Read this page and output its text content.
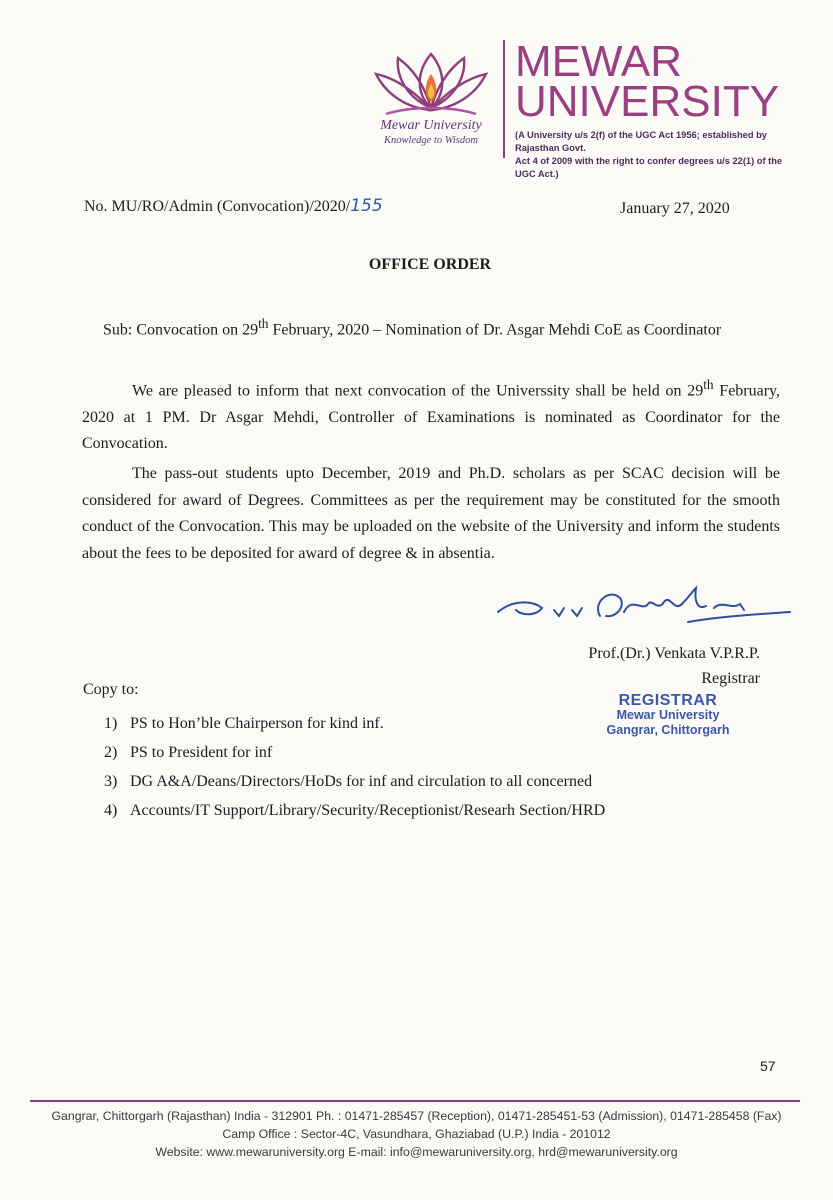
Mewar University
Knowledge to Wisdom
MEWAR
UNIVERSITY
(A University u/s 2(f) of the UGC Act 1956; established by Rajasthan Govt.
Act 4 of 2009 with the right to confer degrees u/s 22(1) of the UGC Act.)
No. MU/RO/Admin (Convocation)/2020/155	January 27, 2020
OFFICE ORDER
Sub: Convocation on 29th February, 2020 – Nomination of Dr. Asgar Mehdi CoE as Coordinator
We are pleased to inform that next convocation of the Universsity shall be held on 29th February, 2020 at 1 PM. Dr Asgar Mehdi, Controller of Examinations is nominated as Coordinator for the Convocation.
The pass-out students upto December, 2019 and Ph.D. scholars as per SCAC decision will be considered for award of Degrees. Committees as per the requirement may be constituted for the smooth conduct of the Convocation. This may be uploaded on the website of the University and inform the students about the fees to be deposited for award of degree & in absentia.
Prof.(Dr.) Venkata V.P.R.P.
Registrar
REGISTRAR
Mewar University
Gangrar, Chittorgarh
Copy to:
1) PS to Hon’ble Chairperson for kind inf.
2) PS to President for inf
3) DG A&A/Deans/Directors/HoDs for inf and circulation to all concerned
4) Accounts/IT Support/Library/Security/Receptionist/Researh Section/HRD
57
Gangrar, Chittorgarh (Rajasthan) India - 312901 Ph. : 01471-285457 (Reception), 01471-285451-53 (Admission), 01471-285458 (Fax)
Camp Office : Sector-4C, Vasundhara, Ghaziabad (U.P.) India - 201012
Website: www.mewaruniversity.org E-mail: info@mewaruniversity.org, hrd@mewaruniversity.org
